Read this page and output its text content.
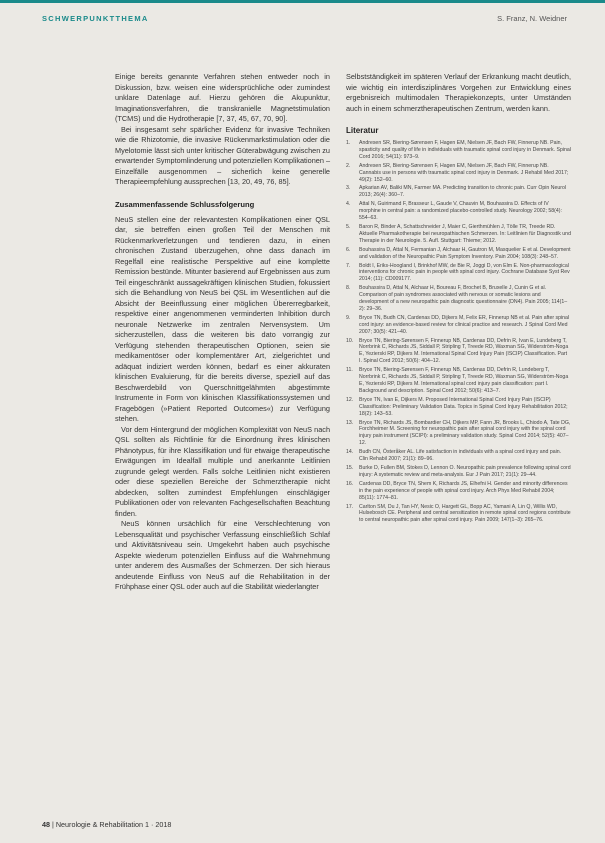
SCHWERPUNKTTHEMA	S. Franz, N. Weidner

Einige bereits genannte Verfahren stehen entweder noch in Diskussion, bzw. weisen eine widersprüchliche oder zumindest unklare Datenlage auf. Hierzu gehören die Akupunktur, Imaginationsverfahren, die transkranielle Magnetstimulation (TCMS) und die Hydrotherapie [7, 37, 45, 67, 70, 90].

Bei insgesamt sehr spärlicher Evidenz für invasive Techniken wie die Rhizotomie, die invasive Rückenmarkstimulation oder die Myelotomie lässt sich unter kritischer Güterabwägung zwischen zu erwartender Symptomlinderung und potenziellen Komplikationen – Einzelfälle ausgenommen – sicherlich keine generelle Therapieempfehlung aussprechen [13, 20, 49, 76, 85].

Zusammenfassende Schlussfolgerung

NeuS stellen eine der relevantesten Komplikationen einer QSL dar, sie betreffen einen großen Teil der Menschen mit Rückenmarkverletzungen und tendieren dazu, in einen chronischen Zustand überzugehen, ohne dass danach im Regelfall eine realistische Perspektive auf eine komplette Remission bestünde. Mitunter basierend auf Ergebnissen aus zum Teil eingeschränkt aussagekräftigen klinischen Studien, fokussiert sich die Behandlung von NeuS bei QSL im Wesentlichen auf die Absicht der Beeinflussung einer möglichen Übererregbarkeit, respektive einer angenommenen verminderten Inhibition durch neuronale Netzwerke im zentralen Nervensystem. Um sicherzustellen, dass die weiteren bis dato vorrangig zur Verfügung stehenden therapeutischen Optionen, seien sie medikamentöser oder komplementärer Art, zielgerichtet und adäquat indiziert werden können, bedarf es einer akkuraten klinischen Evaluierung, für die bereits diverse, speziell auf das Beschwerdebild von Querschnittgelähmten abgestimmte Instrumente in Form von klinischen Klassifikationssystemen und Fragebögen (»Patient Reported Outcomes«) zur Verfügung stehen.

Vor dem Hintergrund der möglichen Komplexität von NeuS nach QSL sollten als Richtlinie für die Einordnung ihres klinischen Phänotypus, für ihre Klassifikation und für etwaige therapeutische Erwägungen im Idealfall multiple und anerkannte Leitlinien zugrunde gelegt werden. Falls solche Leitlinien nicht existieren oder diese speziellen Bereiche der Schmerztherapie nicht abdecken, sollten zumindest Empfehlungen einschlägiger Publikationen oder von relevanten Fachgesellschaften Beachtung finden.

NeuS können ursächlich für eine Verschlechterung von Lebensqualität und psychischer Verfassung einschließlich Schlaf und Aktivitätsniveau sein. Umgekehrt haben auch psychische Aspekte wiederum potenziellen Einfluss auf die Wahrnehmung unter anderem des Ausmaßes der Schmerzen. Der sich hieraus andeutende Einfluss von NeuS auf die Rehabilitation in der Frühphase einer QSL oder auch auf die Stabilität wiederlangter

Selbstständigkeit im späteren Verlauf der Erkrankung macht deutlich, wie wichtig ein interdisziplinäres Vorgehen zur Entwicklung eines ergebnisreich multimodalen Therapiekonzepts, unter Umständen auch in einem schmerztherapeutischen Zentrum, werden kann.

Literatur
1. Andresen SR, Biering-Sørensen F, Hagen EM, Nielsen JF, Bach FW, Finnerup NB. Pain, spasticity and quality of life in individuals with traumatic spinal cord injury in Denmark. Spinal Cord 2016; 54(11): 973–9.
2. Andresen SR, Biering-Sørensen F, Hagen EM, Nielsen JF, Bach FW, Finnerup NB. Cannabis use in persons with traumatic spinal cord injury in Denmark. J Rehabil Med 2017; 49(2): 152–60.
3. Apkarian AV, Baliki MN, Farmer MA. Predicting transition to chronic pain. Curr Opin Neurol 2013; 26(4): 360–7.
4. Attal N, Guirimand F, Brasseur L, Gaude V, Chauvin M, Bouhassira D. Effects of IV morphine in central pain: a randomized placebo-controlled study. Neurology 2002; 58(4): 554–63.
5. Baron R, Binder A, Schattschneider J, Maier C, Gierthmühlen J, Tölle TR, Treede RD. Aktuelle Pharmakotherapie bei neuropathischen Schmerzen. In: Leitlinien für Diagnostik und Therapie in der Neurologie. 5. Aufl. Stuttgart: Thieme; 2012.
6. Bouhassira D, Attal N, Fermanian J, Alchaar H, Gautron M, Masquelier E et al. Development and validation of the Neuropathic Pain Symptom Inventory. Pain 2004; 108(3): 248–57.
7. Boldt I, Eriks-Hoogland I, Brinkhof MW, de Bie R, Joggi D, von Elm E. Non-pharmacological interventions for chronic pain in people with spinal cord injury. Cochrane Database Syst Rev 2014; (11): CD009177.
8. Bouhassira D, Attal N, Alchaar H, Boureau F, Brochet B, Bruxelle J, Cunin G et al. Comparison of pain syndromes associated with nervous or somatic lesions and development of a new neuropathic pain diagnostic questionnaire (DN4). Pain 2005; 114(1–2): 29–36.
9. Bryce TN, Budh CN, Cardenas DD, Dijkers M, Felix ER, Finnerup NB et al. Pain after spinal cord injury: an evidence-based review for clinical practice and research. J Spinal Cord Med 2007; 30(5): 421–40.
10. Bryce TN, Biering-Sørensen F, Finnerup NB, Cardenas DD, Defrin R, Ivan E, Lundeberg T, Norrbrink C, Richards JS, Siddall P, Stripling T, Treede RD, Waxman SG, Widerström-Noga E, Yezierski RP, Dijkers M. International Spinal Cord Injury Pain (ISCIP) Classification. Part I. Spinal Cord 2012; 50(6): 404–12.
11. Bryce TN, Biering-Sørensen F, Finnerup NB, Cardenas DD, Defrin R, Lundeberg T, Norrbrink C, Richards JS, Siddall P, Stripling T, Treede RD, Waxman SG, Widerström-Noga E, Yezierski RP, Dijkers M. International spinal cord injury pain classification: part I. Background and description. Spinal Cord 2012; 50(6): 413–7.
12. Bryce TN, Ivan E, Dijkers M. Proposed International Spinal Cord Injury Pain (ISCIP) Classification: Preliminary Validation Data. Topics in Spinal Cord Injury Rehabilitation 2012; 18(2): 143–53.
13. Bryce TN, Richards JS, Bombardier CH, Dijkers MP, Fann JR, Brooks L, Chiodo A, Tate DG, Forchheimer M. Screening for neuropathic pain after spinal cord injury with the spinal cord injury pain instrument (SCIPI): a preliminary validation study. Spinal Cord 2014; 52(5): 407–12.
14. Budh CN, Österåker AL. Life satisfaction in individuals with a spinal cord injury and pain. Clin Rehabil 2007; 21(1): 89–96.
15. Burke D, Fullen BM, Stokes D, Lennon O. Neuropathic pain prevalence following spinal cord injury: A systematic review and meta-analysis. Eur J Pain 2017; 21(1): 29–44.
16. Cardenas DD, Bryce TN, Shem K, Richards JS, Elhefni H. Gender and minority differences in the pain experience of people with spinal cord injury. Arch Phys Med Rehabil 2004; 85(11): 1774–81.
17. Carlton SM, Du J, Tan HY, Nesic O, Hargett GL, Bopp AC, Yamani A, Lin Q, Willis WD, Hulsebosch CE. Peripheral and central sensitization in remote spinal cord regions contribute to central neuropathic pain after spinal cord injury. Pain 2009; 147(1–3): 265–76.
48 | Neurologie & Rehabilitation 1 · 2018
